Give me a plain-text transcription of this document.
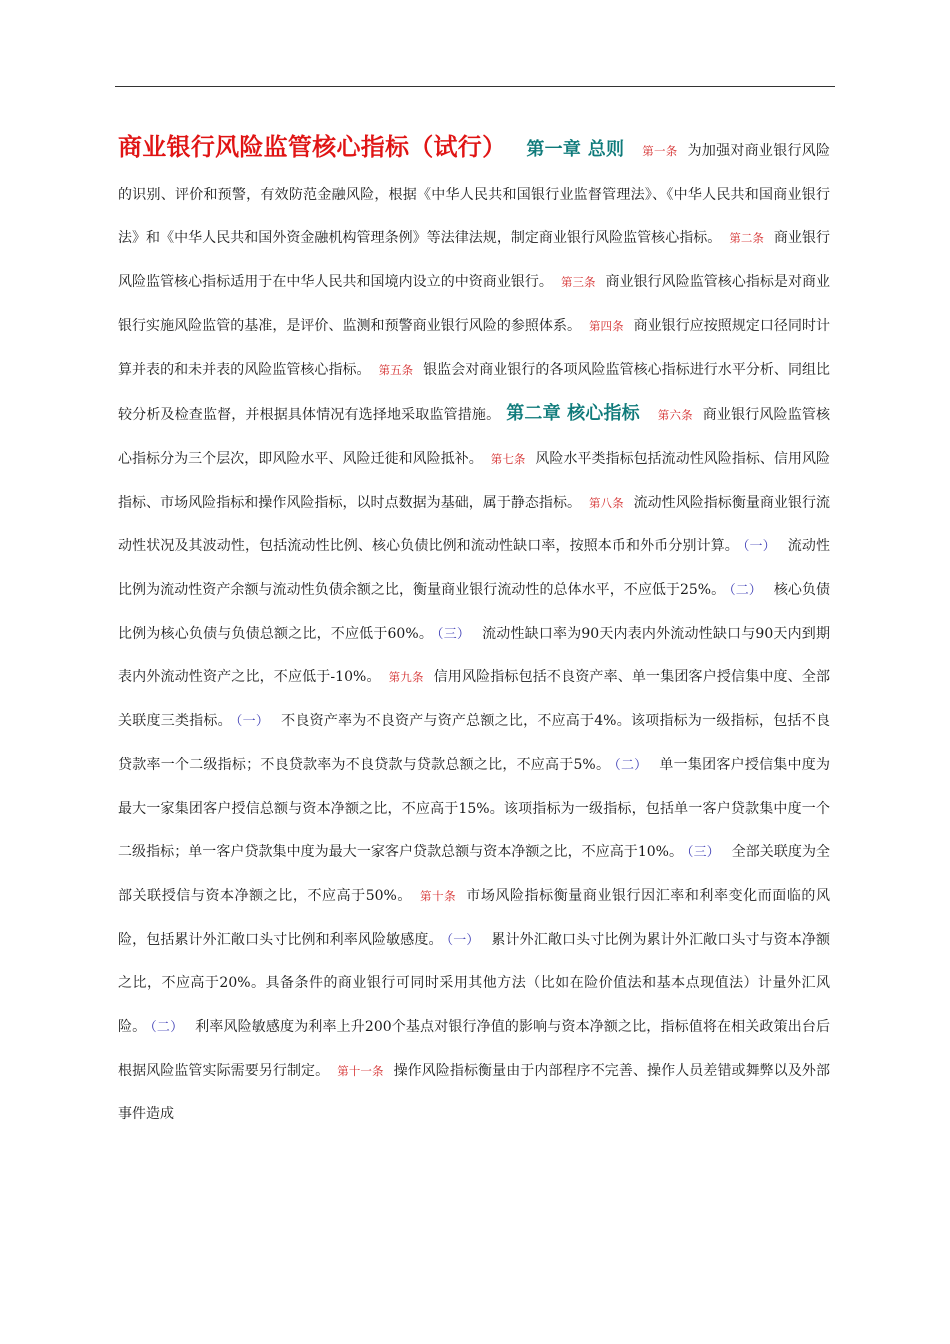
商业银行风险监管核心指标（试行） 第一章 总则 第一条 为加强对商业银行风险的识别、评价和预警，有效防范金融风险，根据《中华人民共和国银行业监督管理法》、《中华人民共和国商业银行法》和《中华人民共和国外资金融机构管理条例》等法律法规，制定商业银行风险监管核心指标。 第二条 商业银行风险监管核心指标适用于在中华人民共和国境内设立的中资商业银行。 第三条 商业银行风险监管核心指标是对商业银行实施风险监管的基准，是评价、监测和预警商业银行风险的参照体系。 第四条 商业银行应按照规定口径同时计算并表的和未并表的风险监管核心指标。 第五条 银监会对商业银行的各项风险监管核心指标进行水平分析、同组比较分析及检查监督，并根据具体情况有选择地采取监管措施。 第二章 核心指标 第六条 商业银行风险监管核心指标分为三个层次，即风险水平、风险迁徙和风险抵补。 第七条 风险水平类指标包括流动性风险指标、信用风险指标、市场风险指标和操作风险指标，以时点数据为基础，属于静态指标。 第八条 流动性风险指标衡量商业银行流动性状况及其波动性，包括流动性比例、核心负债比例和流动性缺口率，按照本币和外币分别计算。 （一） 流动性比例为流动性资产余额与流动性负债余额之比，衡量商业银行流动性的总体水平，不应低于25%。 （二） 核心负债比例为核心负债与负债总额之比，不应低于60%。 （三） 流动性缺口率为90天内表内外流动性缺口与90天内到期表内外流动性资产之比，不应低于-10%。 第九条 信用风险指标包括不良资产率、单一集团客户授信集中度、全部关联度三类指标。 （一） 不良资产率为不良资产与资产总额之比，不应高于4%。该项指标为一级指标，包括不良贷款率一个二级指标；不良贷款率为不良贷款与贷款总额之比，不应高于5%。 （二） 单一集团客户授信集中度为最大一家集团客户授信总额与资本净额之比，不应高于15%。该项指标为一级指标，包括单一客户贷款集中度一个二级指标；单一客户贷款集中度为最大一家客户贷款总额与资本净额之比，不应高于10%。 （三） 全部关联度为全部关联授信与资本净额之比，不应高于50%。 第十条 市场风险指标衡量商业银行因汇率和利率变化而面临的风险，包括累计外汇敞口头寸比例和利率风险敏感度。 （一） 累计外汇敞口头寸比例为累计外汇敞口头寸与资本净额之比，不应高于20%。具备条件的商业银行可同时采用其他方法（比如在险价值法和基本点现值法）计量外汇风险。 （二） 利率风险敏感度为利率上升200个基点对银行净值的影响与资本净额之比，指标值将在相关政策出台后根据风险监管实际需要另行制定。 第十一条 操作风险指标衡量由于内部程序不完善、操作人员差错或舞弊以及外部事件造成
